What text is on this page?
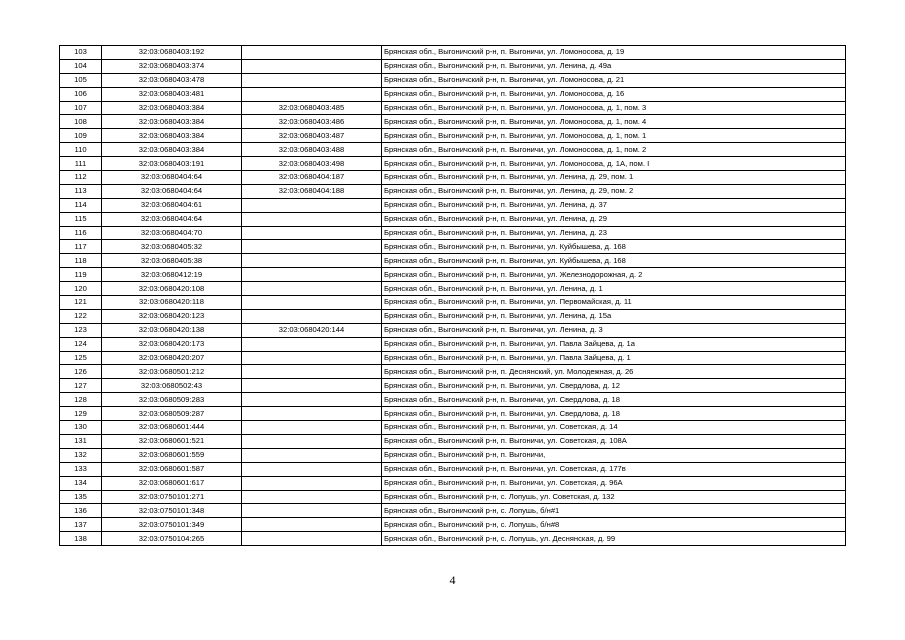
103	32:03:0680403:192		Брянская обл., Выгоничский р-н, п. Выгоничи, ул. Ломоносова, д. 19
104	32:03:0680403:374		Брянская обл., Выгоничский р-н, п. Выгоничи, ул. Ленина, д. 49а
105	32:03:0680403:478		Брянская обл., Выгоничский р-н, п. Выгоничи, ул. Ломоносова, д. 21
106	32:03:0680403:481		Брянская обл., Выгоничский р-н, п. Выгоничи, ул. Ломоносова, д. 16
107	32:03:0680403:384	32:03:0680403:485	Брянская обл., Выгоничский р-н, п. Выгоничи, ул. Ломоносова, д. 1, пом. 3
108	32:03:0680403:384	32:03:0680403:486	Брянская обл., Выгоничский р-н, п. Выгоничи, ул. Ломоносова, д. 1, пом. 4
109	32:03:0680403:384	32:03:0680403:487	Брянская обл., Выгоничский р-н, п. Выгоничи, ул. Ломоносова, д. 1, пом. 1
110	32:03:0680403:384	32:03:0680403:488	Брянская обл., Выгоничский р-н, п. Выгоничи, ул. Ломоносова, д. 1, пом. 2
111	32:03:0680403:191	32:03:0680403:498	Брянская обл., Выгоничский р-н, п. Выгоничи, ул. Ломоносова, д. 1А, пом. I
112	32:03:0680404:64	32:03:0680404:187	Брянская обл., Выгоничский р-н, п. Выгоничи, ул. Ленина, д. 29, пом. 1
113	32:03:0680404:64	32:03:0680404:188	Брянская обл., Выгоничский р-н, п. Выгоничи, ул. Ленина, д. 29, пом. 2
114	32:03:0680404:61		Брянская обл., Выгоничский р-н, п. Выгоничи, ул. Ленина, д. 37
115	32:03:0680404:64		Брянская обл., Выгоничский р-н, п. Выгоничи, ул. Ленина, д. 29
116	32:03:0680404:70		Брянская обл., Выгоничский р-н, п. Выгоничи, ул. Ленина, д. 23
117	32:03:0680405:32		Брянская обл., Выгоничский р-н, п. Выгоничи, ул. Куйбышева, д. 168
118	32:03:0680405:38		Брянская обл., Выгоничский р-н, п. Выгоничи, ул. Куйбышева, д. 168
119	32:03:0680412:19		Брянская обл., Выгоничский р-н, п. Выгоничи, ул. Железнодорожная, д. 2
120	32:03:0680420:108		Брянская обл., Выгоничский р-н, п. Выгоничи, ул. Ленина, д. 1
121	32:03:0680420:118		Брянская обл., Выгоничский р-н, п. Выгоничи, ул. Первомайская, д. 11
122	32:03:0680420:123		Брянская обл., Выгоничский р-н, п. Выгоничи, ул. Ленина, д. 15а
123	32:03:0680420:138	32:03:0680420:144	Брянская обл., Выгоничский р-н, п. Выгоничи, ул. Ленина, д. 3
124	32:03:0680420:173		Брянская обл., Выгоничский р-н, п. Выгоничи, ул. Павла Зайцева, д. 1а
125	32:03:0680420:207		Брянская обл., Выгоничский р-н, п. Выгоничи, ул. Павла Зайцева, д. 1
126	32:03:0680501:212		Брянская обл., Выгоничский р-н, п. Деснянский, ул. Молодежная, д. 26
127	32:03:0680502:43		Брянская обл., Выгоничский р-н, п. Выгоничи, ул. Свердлова, д. 12
128	32:03:0680509:283		Брянская обл., Выгоничский р-н, п. Выгоничи, ул. Свердлова, д. 18
129	32:03:0680509:287		Брянская обл., Выгоничский р-н, п. Выгоничи, ул. Свердлова, д. 18
130	32:03:0680601:444		Брянская обл., Выгоничский р-н, п. Выгоничи, ул. Советская, д. 14
131	32:03:0680601:521		Брянская обл., Выгоничский р-н, п. Выгоничи, ул. Советская, д. 108А
132	32:03:0680601:559		Брянская обл., Выгоничский р-н, п. Выгоничи,
133	32:03:0680601:587		Брянская обл., Выгоничский р-н, п. Выгоничи, ул. Советская, д. 177в
134	32:03:0680601:617		Брянская обл., Выгоничский р-н, п. Выгоничи, ул. Советская, д. 96А
135	32:03:0750101:271		Брянская обл., Выгоничский р-н, с. Лопушь, ул. Советская, д. 132
136	32:03:0750101:348		Брянская обл., Выгоничский р-н, с. Лопушь, б/н#1
137	32:03:0750101:349		Брянская обл., Выгоничский р-н, с. Лопушь, б/н#8
138	32:03:0750104:265		Брянская обл., Выгоничский р-н, с. Лопушь, ул. Деснянская, д. 99
4
